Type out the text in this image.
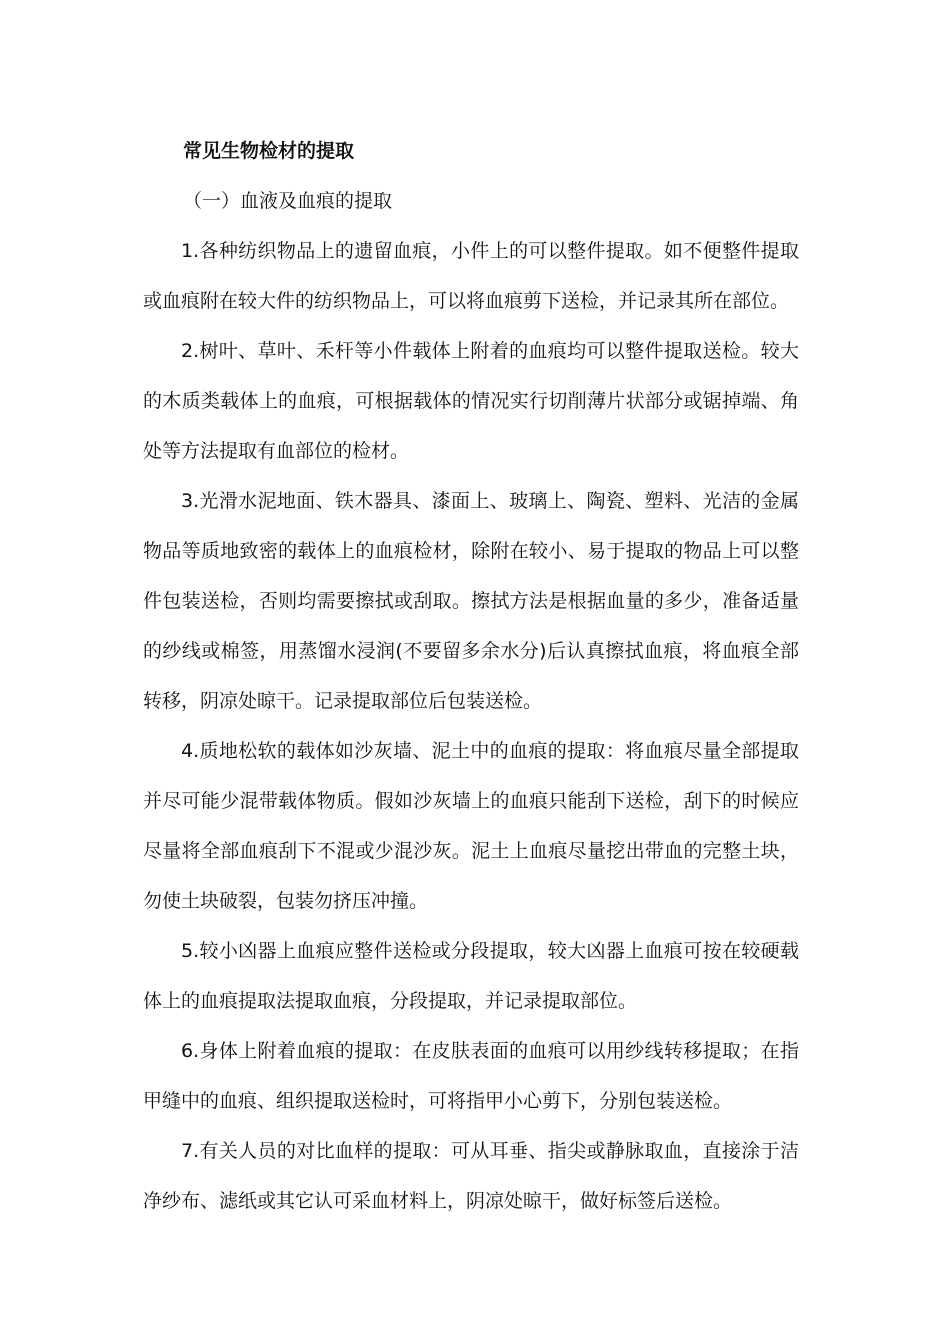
常见生物检材的提取

（一）血液及血痕的提取

1.各种纺织物品上的遗留血痕，小件上的可以整件提取。如不便整件提取或血痕附在较大件的纺织物品上，可以将血痕剪下送检，并记录其所在部位。

2.树叶、草叶、禾杆等小件载体上附着的血痕均可以整件提取送检。较大的木质类载体上的血痕，可根据载体的情况实行切削薄片状部分或锯掉端、角处等方法提取有血部位的检材。

3.光滑水泥地面、铁木器具、漆面上、玻璃上、陶瓷、塑料、光洁的金属物品等质地致密的载体上的血痕检材，除附在较小、易于提取的物品上可以整件包装送检，否则均需要擦拭或刮取。擦拭方法是根据血量的多少，准备适量的纱线或棉签，用蒸馏水浸润(不要留多余水分)后认真擦拭血痕，将血痕全部转移，阴凉处晾干。记录提取部位后包装送检。

4.质地松软的载体如沙灰墙、泥土中的血痕的提取：将血痕尽量全部提取并尽可能少混带载体物质。假如沙灰墙上的血痕只能刮下送检，刮下的时候应尽量将全部血痕刮下不混或少混沙灰。泥土上血痕尽量挖出带血的完整土块，勿使土块破裂，包装勿挤压冲撞。

5.较小凶器上血痕应整件送检或分段提取，较大凶器上血痕可按在较硬载体上的血痕提取法提取血痕，分段提取，并记录提取部位。

6.身体上附着血痕的提取：在皮肤表面的血痕可以用纱线转移提取；在指甲缝中的血痕、组织提取送检时，可将指甲小心剪下，分别包装送检。

7.有关人员的对比血样的提取：可从耳垂、指尖或静脉取血，直接涂于洁净纱布、滤纸或其它认可采血材料上，阴凉处晾干，做好标签后送检。
